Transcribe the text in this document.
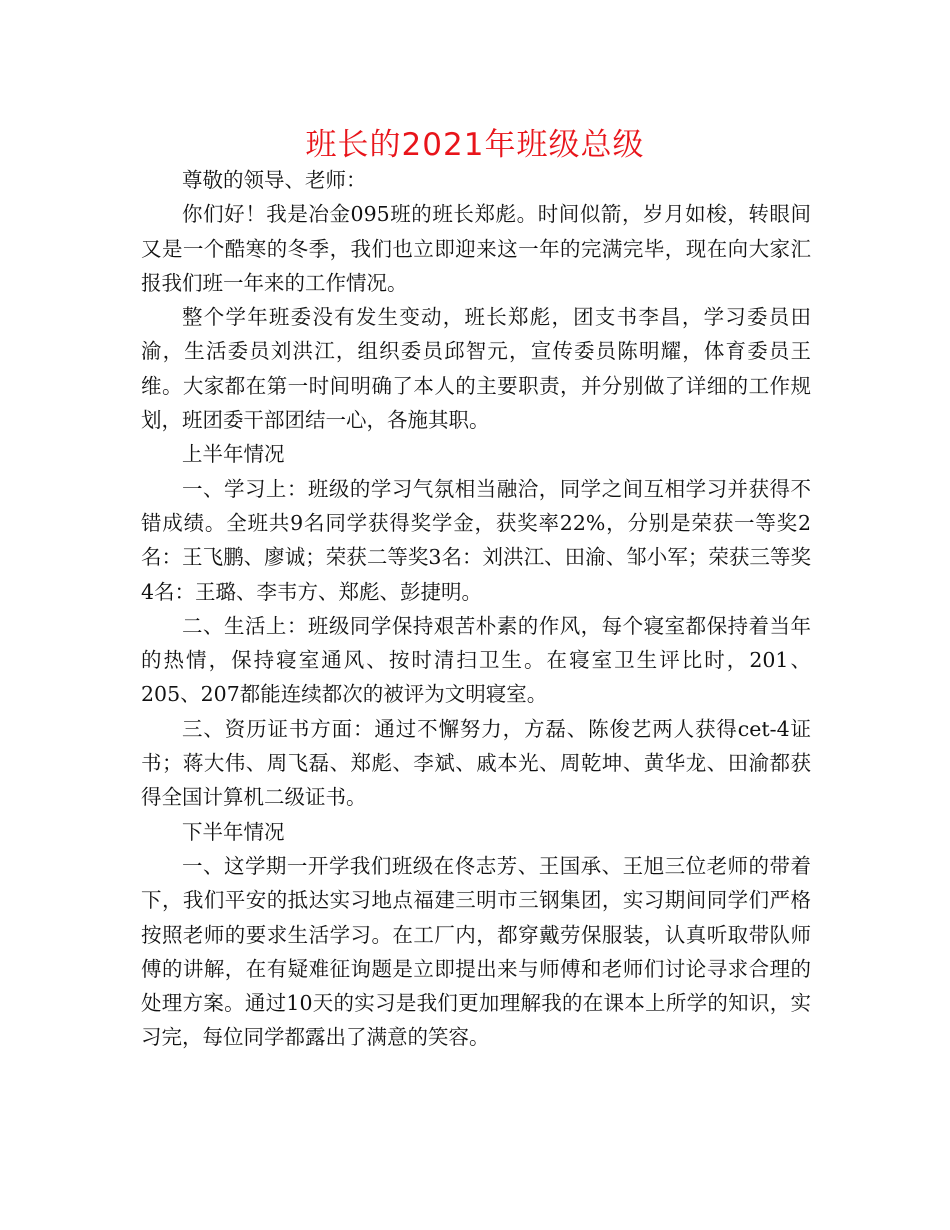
班长的2021年班级总级

尊敬的领导、老师：

你们好！我是冶金095班的班长郑彪。时间似箭，岁月如梭，转眼间又是一个酷寒的冬季，我们也立即迎来这一年的完满完毕，现在向大家汇报我们班一年来的工作情况。

整个学年班委没有发生变动，班长郑彪，团支书李昌，学习委员田渝，生活委员刘洪江，组织委员邱智元，宣传委员陈明耀，体育委员王维。大家都在第一时间明确了本人的主要职责，并分别做了详细的工作规划，班团委干部团结一心，各施其职。

上半年情况

一、学习上：班级的学习气氛相当融洽，同学之间互相学习并获得不错成绩。全班共9名同学获得奖学金，获奖率22%，分别是荣获一等奖2名：王飞鹏、廖诚；荣获二等奖3名：刘洪江、田渝、邹小军；荣获三等奖4名：王璐、李韦方、郑彪、彭捷明。

二、生活上：班级同学保持艰苦朴素的作风，每个寝室都保持着当年的热情，保持寝室通风、按时清扫卫生。在寝室卫生评比时，201、205、207都能连续都次的被评为文明寝室。

三、资历证书方面：通过不懈努力，方磊、陈俊艺两人获得cet-4证书；蒋大伟、周飞磊、郑彪、李斌、戚本光、周乾坤、黄华龙、田渝都获得全国计算机二级证书。

下半年情况

一、这学期一开学我们班级在佟志芳、王国承、王旭三位老师的带着下，我们平安的抵达实习地点福建三明市三钢集团，实习期间同学们严格按照老师的要求生活学习。在工厂内，都穿戴劳保服装，认真听取带队师傅的讲解，在有疑难征询题是立即提出来与师傅和老师们讨论寻求合理的处理方案。通过10天的实习是我们更加理解我的在课本上所学的知识，实习完，每位同学都露出了满意的笑容。
